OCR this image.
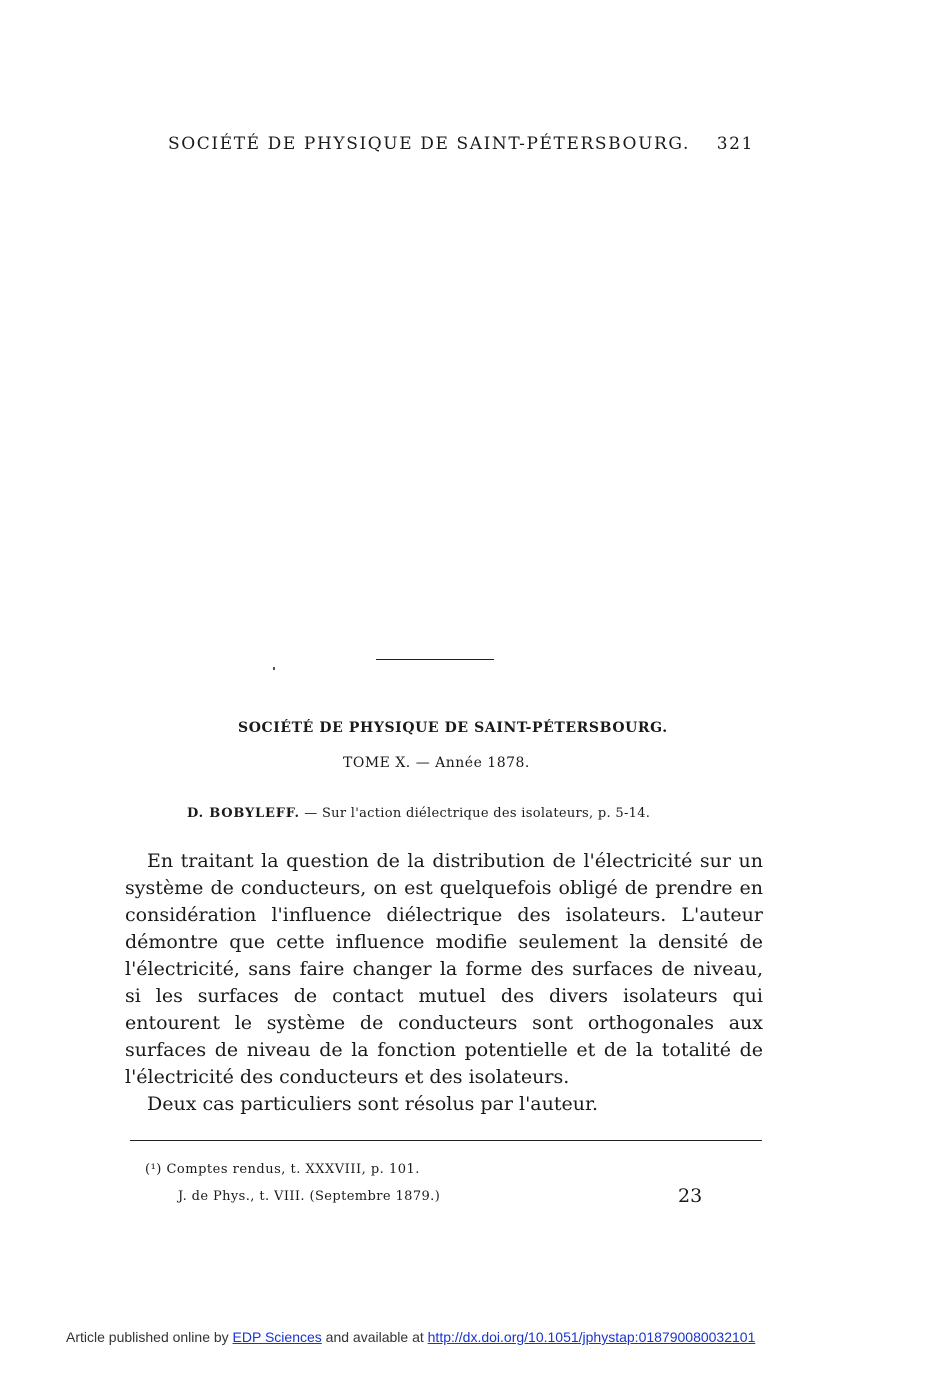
SOCIÉTÉ DE PHYSIQUE DE SAINT-PÉTERSBOURG. 321
SOCIÉTÉ DE PHYSIQUE DE SAINT-PÉTERSBOURG.
TOME X. — Année 1878.
D. BOBYLEFF. — Sur l'action diélectrique des isolateurs, p. 5-14.

En traitant la question de la distribution de l'électricité sur un système de conducteurs, on est quelquefois obligé de prendre en considération l'influence diélectrique des isolateurs. L'auteur démontre que cette influence modifie seulement la densité de l'électricité, sans faire changer la forme des surfaces de niveau, si les surfaces de contact mutuel des divers isolateurs qui entourent le système de conducteurs sont orthogonales aux surfaces de niveau de la fonction potentielle et de la totalité de l'électricité des conducteurs et des isolateurs.

Deux cas particuliers sont résolus par l'auteur.

(¹) Comptes rendus, t. XXXVIII, p. 101.
J. de Phys., t. VIII. (Septembre 1879.)	23
Article published online by EDP Sciences and available at http://dx.doi.org/10.1051/jphystap:018790080032101
